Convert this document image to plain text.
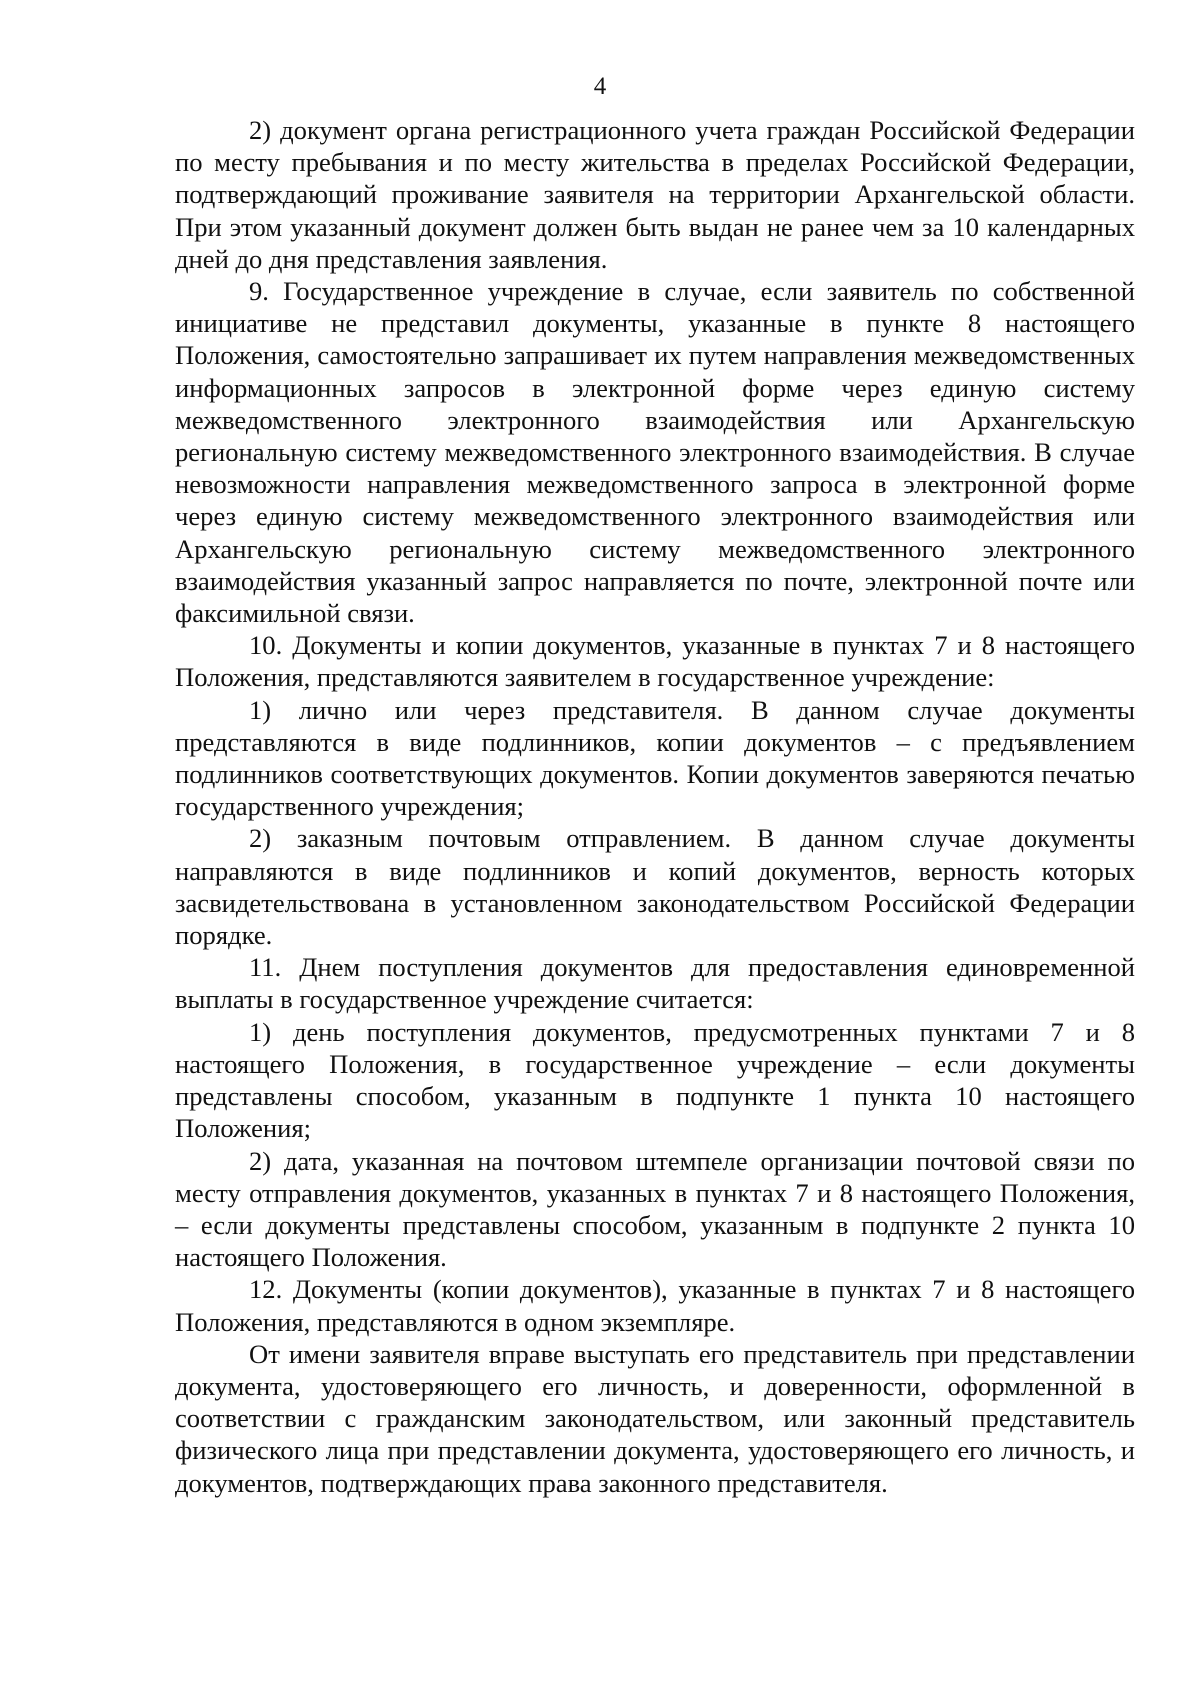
4

2) документ органа регистрационного учета граждан Российской Федерации по месту пребывания и по месту жительства в пределах Российской Федерации, подтверждающий проживание заявителя на территории Архангельской области. При этом указанный документ должен быть выдан не ранее чем за 10 календарных дней до дня представления заявления.

9. Государственное учреждение в случае, если заявитель по собственной инициативе не представил документы, указанные в пункте 8 настоящего Положения, самостоятельно запрашивает их путем направления межведомственных информационных запросов в электронной форме через единую систему межведомственного электронного взаимодействия или Архангельскую региональную систему межведомственного электронного взаимодействия. В случае невозможности направления межведомственного запроса в электронной форме через единую систему межведомственного электронного взаимодействия или Архангельскую региональную систему межведомственного электронного взаимодействия указанный запрос направляется по почте, электронной почте или факсимильной связи.

10. Документы и копии документов, указанные в пунктах 7 и 8 настоящего Положения, представляются заявителем в государственное учреждение:

1) лично или через представителя. В данном случае документы представляются в виде подлинников, копии документов – с предъявлением подлинников соответствующих документов. Копии документов заверяются печатью государственного учреждения;

2) заказным почтовым отправлением. В данном случае документы направляются в виде подлинников и копий документов, верность которых засвидетельствована в установленном законодательством Российской Федерации порядке.

11. Днем поступления документов для предоставления единовременной выплаты в государственное учреждение считается:

1) день поступления документов, предусмотренных пунктами 7 и 8 настоящего Положения, в государственное учреждение – если документы представлены способом, указанным в подпункте 1 пункта 10 настоящего Положения;

2) дата, указанная на почтовом штемпеле организации почтовой связи по месту отправления документов, указанных в пунктах 7 и 8 настоящего Положения, – если документы представлены способом, указанным в подпункте 2 пункта 10 настоящего Положения.

12. Документы (копии документов), указанные в пунктах 7 и 8 настоящего Положения, представляются в одном экземпляре.

От имени заявителя вправе выступать его представитель при представлении документа, удостоверяющего его личность, и доверенности, оформленной в соответствии с гражданским законодательством, или законный представитель физического лица при представлении документа, удостоверяющего его личность, и документов, подтверждающих права законного представителя.
